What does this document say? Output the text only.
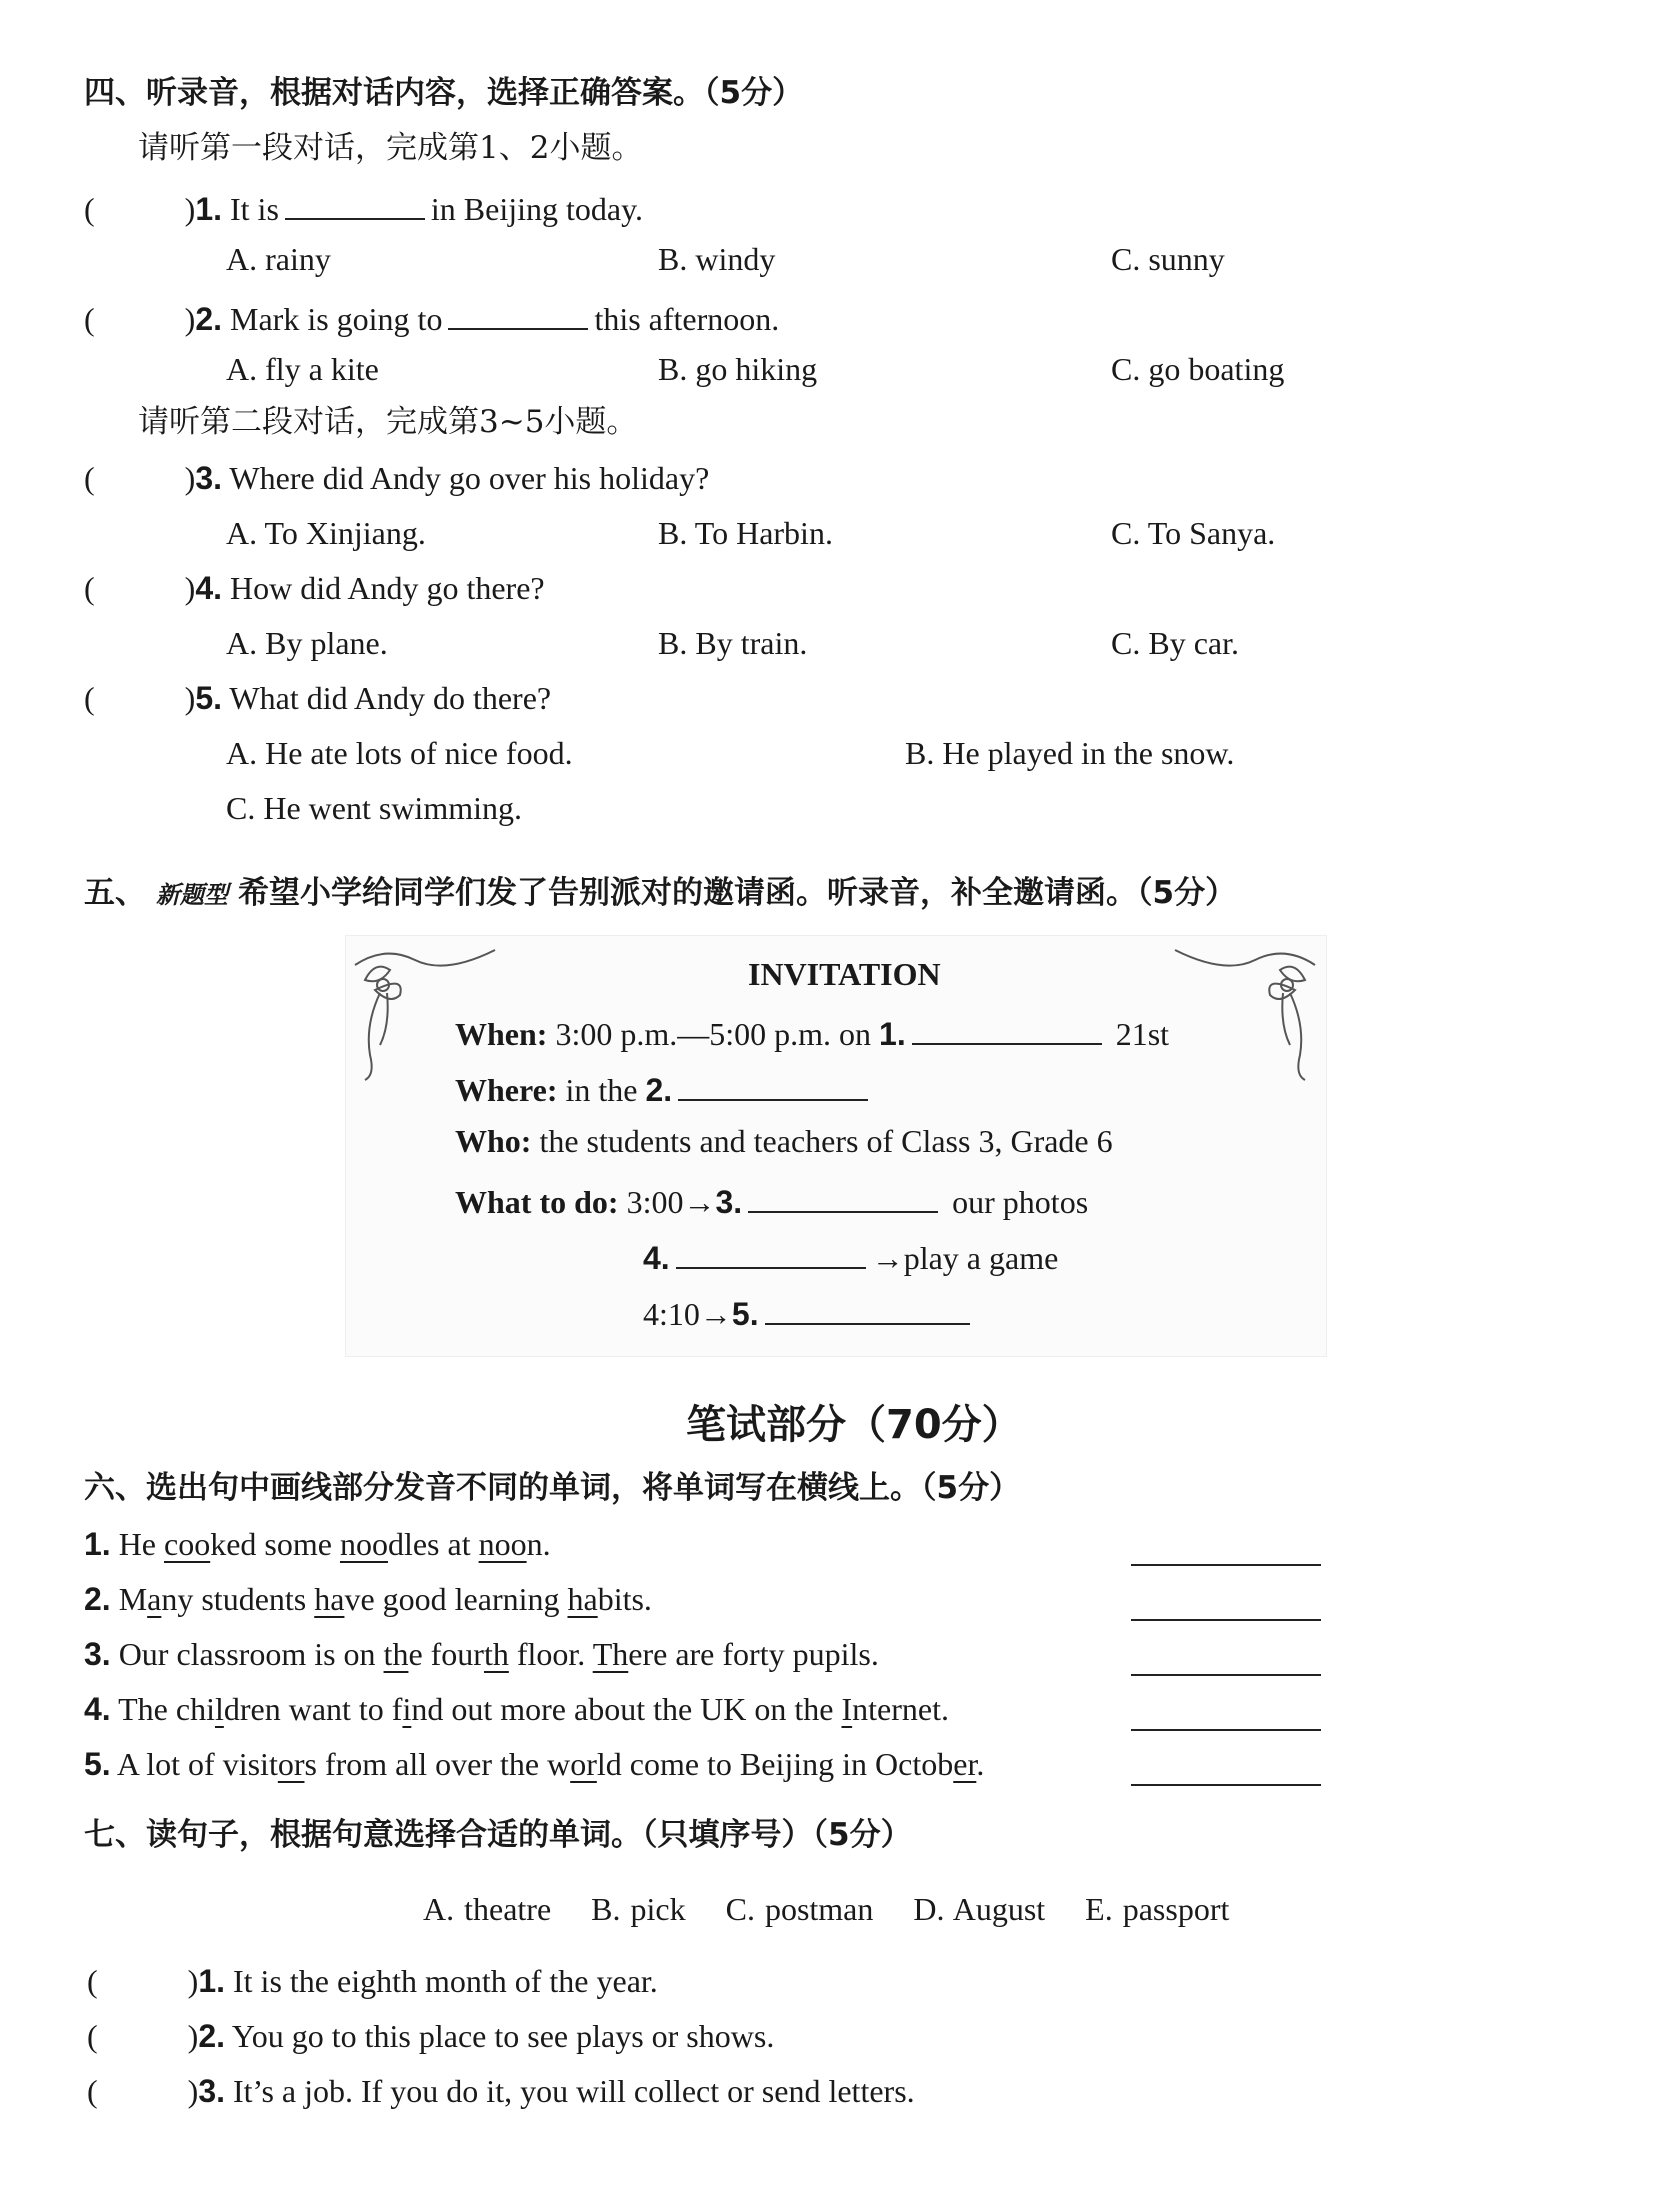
四、听录音，根据对话内容，选择正确答案。（5分）
请听第一段对话，完成第1、2小题。
(	)1. It is	in Beijing today.
A. rainy	B. windy	C. sunny
(	)2. Mark is going to	this afternoon.
A. fly a kite	B. go hiking	C. go boating
请听第二段对话，完成第3~5小题。
(	)3. Where did Andy go over his holiday?
A. To Xinjiang.	B. To Harbin.	C. To Sanya.
(	)4. How did Andy go there?
A. By plane.	B. By train.	C. By car.
(	)5. What did Andy do there?
A. He ate lots of nice food.	B. He played in the snow.
C. He went swimming.
五、 新题型 希望小学给同学们发了告别派对的邀请函。听录音，补全邀请函。（5分）
INVITATION
When: 3:00 p.m.—5:00 p.m. on 1.	21st
Where: in the 2.
Who: the students and teachers of Class 3, Grade 6
What to do: 3:00→3.	our photos
4.	→play a game
4:10→5.
笔试部分（70分）
六、选出句中画线部分发音不同的单词，将单词写在横线上。（5分）
1. He cooked some noodles at noon.
2. Many students have good learning habits.
3. Our classroom is on the fourth floor. There are forty pupils.
4. The children want to find out more about the UK on the Internet.
5. A lot of visitors from all over the world come to Beijing in October.
七、读句子，根据句意选择合适的单词。（只填序号）（5分）
A. theatre B. pick C. postman D. August E. passport
(	)1. It is the eighth month of the year.
(	)2. You go to this place to see plays or shows.
(	)3. It’s a job. If you do it, you will collect or send letters.
